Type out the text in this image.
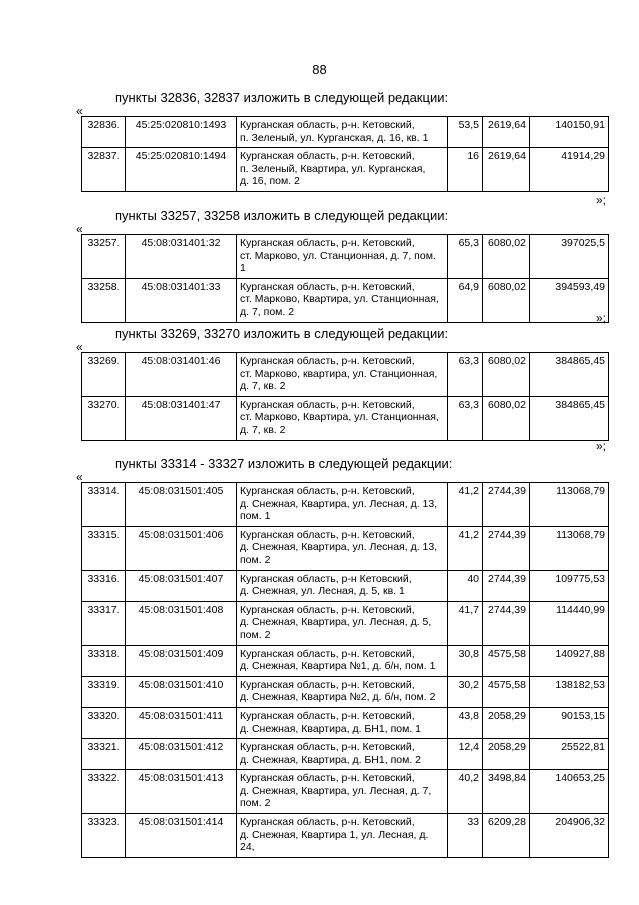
88
пункты 32836, 32837 изложить в следующей редакции:
«
32836.	45:25:020810:1493	Курганская область, р-н. Кетовский,
п. Зеленый, ул. Курганская, д. 16, кв. 1	53,5	2619,64	140150,91
32837.	45:25:020810:1494	Курганская область, р-н. Кетовский,
п. Зеленый, Квартира, ул. Курганская,
д. 16, пом. 2	16	2619,64	41914,29
»;
пункты 33257, 33258 изложить в следующей редакции:
«
33257.	45:08:031401:32	Курганская область, р-н. Кетовский,
ст. Марково, ул. Станционная, д. 7, пом. 1	65,3	6080,02	397025,5
33258.	45:08:031401:33	Курганская область, р-н. Кетовский,
ст. Марково, Квартира, ул. Станционная,
д. 7, пом. 2	64,9	6080,02	394593,49
»;
пункты 33269, 33270 изложить в следующей редакции:
«
33269.	45:08:031401:46	Курганская область, р-н. Кетовский,
ст. Марково, квартира, ул. Станционная,
д. 7, кв. 2	63,3	6080,02	384865,45
33270.	45:08:031401:47	Курганская область, р-н. Кетовский,
ст. Марково, Квартира, ул. Станционная,
д. 7, кв. 2	63,3	6080,02	384865,45
»;
пункты 33314 - 33327 изложить в следующей редакции:
«
33314.	45:08:031501:405	Курганская область, р-н. Кетовский,
д. Снежная, Квартира, ул. Лесная, д. 13,
пом. 1	41,2	2744,39	113068,79
33315.	45:08:031501:406	Курганская область, р-н. Кетовский,
д. Снежная, Квартира, ул. Лесная, д. 13,
пом. 2	41,2	2744,39	113068,79
33316.	45:08:031501:407	Курганская область, р-н Кетовский,
д. Снежная, ул. Лесная, д. 5, кв. 1	40	2744,39	109775,53
33317.	45:08:031501:408	Курганская область, р-н. Кетовский,
д. Снежная, Квартира, ул. Лесная, д. 5,
пом. 2	41,7	2744,39	114440,99
33318.	45:08:031501:409	Курганская область, р-н. Кетовский,
д. Снежная, Квартира №1, д. б/н, пом. 1	30,8	4575,58	140927,88
33319.	45:08:031501:410	Курганская область, р-н. Кетовский,
д. Снежная, Квартира №2, д. б/н, пом. 2	30,2	4575,58	138182,53
33320.	45:08:031501:411	Курганская область, р-н. Кетовский,
д. Снежная, Квартира, д. БН1, пом. 1	43,8	2058,29	90153,15
33321.	45:08:031501:412	Курганская область, р-н. Кетовский,
д. Снежная, Квартира, д. БН1, пом. 2	12,4	2058,29	25522,81
33322.	45:08:031501:413	Курганская область, р-н. Кетовский,
д. Снежная, Квартира, ул. Лесная, д. 7,
пом. 2	40,2	3498,84	140653,25
33323.	45:08:031501:414	Курганская область, р-н. Кетовский,
д. Снежная, Квартира 1, ул. Лесная, д. 24,	33	6209,28	204906,32
